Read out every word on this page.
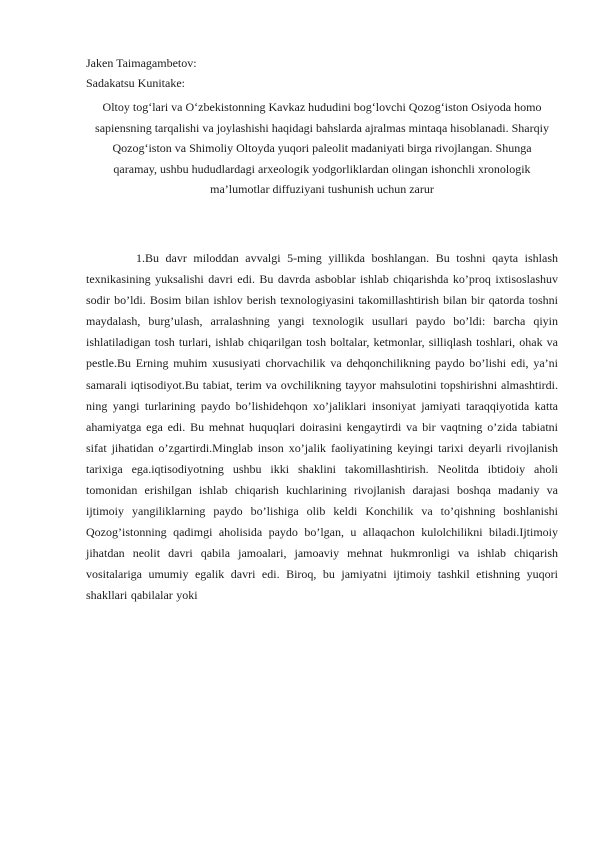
Jaken Taimagambetov:

Sadakatsu Kunitake:

Oltoy tog‘lari va O‘zbekistonning Kavkaz hududini bog‘lovchi Qozog‘iston Osiyoda homo sapiensning tarqalishi va joylashishi haqidagi bahslarda ajralmas mintaqa hisoblanadi. Sharqiy Qozog‘iston va Shimoliy Oltoyda yuqori paleolit madaniyati birga rivojlangan. Shunga qaramay, ushbu hududlardagi arxeologik yodgorliklardan olingan ishonchli xronologik ma’lumotlar diffuziyani tushunish uchun zarur

1.Bu davr miloddan avvalgi 5-ming yillikda boshlangan. Bu toshni qayta ishlash texnikasining yuksalishi davri edi. Bu davrda asboblar ishlab chiqarishda ko’proq ixtisoslashuv sodir bo’ldi. Bosim bilan ishlov berish texnologiyasini takomillashtirish bilan bir qatorda toshni maydalash, burg’ulash, arralashning yangi texnologik usullari paydo bo’ldi: barcha qiyin ishlatiladigan tosh turlari, ishlab chiqarilgan tosh boltalar, ketmonlar, silliqlash toshlari, ohak va pestle.Bu Erning muhim xususiyati chorvachilik va dehqonchilikning paydo bo’lishi edi, ya’ni samarali iqtisodiyot.Bu tabiat, terim va ovchilikning tayyor mahsulotini topshirishni almashtirdi. ning yangi turlarining paydo bo’lishidehqon xo’jaliklari insoniyat jamiyati taraqqiyotida katta ahamiyatga ega edi. Bu mehnat huquqlari doirasini kengaytirdi va bir vaqtning o’zida tabiatni sifat jihatidan o’zgartirdi.Minglab inson xo’jalik faoliyatining keyingi tarixi deyarli rivojlanish tarixiga ega.iqtisodiyotning ushbu ikki shaklini takomillashtirish. Neolitda ibtidoiy aholi tomonidan erishilgan ishlab chiqarish kuchlarining rivojlanish darajasi boshqa madaniy va ijtimoiy yangiliklarning paydo bo’lishiga olib keldi Konchilik va to’qishning boshlanishi Qozog’istonning qadimgi aholisida paydo bo’lgan, u allaqachon kulolchilikni biladi.Ijtimoiy jihatdan neolit davri qabila jamoalari, jamoaviy mehnat hukmronligi va ishlab chiqarish vositalariga umumiy egalik davri edi. Biroq, bu jamiyatni ijtimoiy tashkil etishning yuqori shakllari qabilalar yoki
